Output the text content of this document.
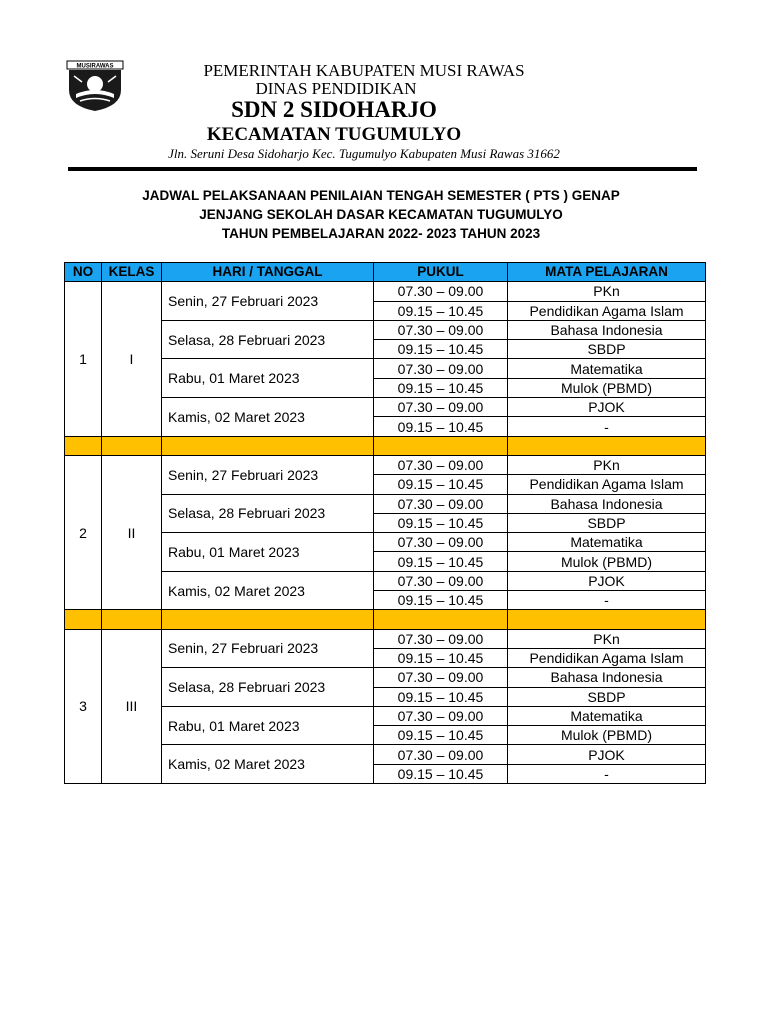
MUSIRAWAS	PEMERINTAH KABUPATEN MUSI RAWAS
DINAS PENDIDIKAN
SDN 2 SIDOHARJO
KECAMATAN TUGUMULYO
Jln. Seruni Desa Sidoharjo Kec. Tugumulyo Kabupaten Musi Rawas 31662
JADWAL PELAKSANAAN PENILAIAN TENGAH SEMESTER ( PTS ) GENAP
JENJANG SEKOLAH DASAR KECAMATAN TUGUMULYO
TAHUN PEMBELAJARAN 2022- 2023 TAHUN 2023
NO	KELAS	HARI / TANGGAL	PUKUL	MATA PELAJARAN
1	I	Senin, 27 Februari 2023	07.30 – 09.00	PKn
			09.15 – 10.45	Pendidikan Agama Islam
		Selasa, 28 Februari 2023	07.30 – 09.00	Bahasa Indonesia
			09.15 – 10.45	SBDP
		Rabu, 01 Maret 2023	07.30 – 09.00	Matematika
			09.15 – 10.45	Mulok (PBMD)
		Kamis, 02 Maret 2023	07.30 – 09.00	PJOK
			09.15 – 10.45	-

2	II	Senin, 27 Februari 2023	07.30 – 09.00	PKn
			09.15 – 10.45	Pendidikan Agama Islam
		Selasa, 28 Februari 2023	07.30 – 09.00	Bahasa Indonesia
			09.15 – 10.45	SBDP
		Rabu, 01 Maret 2023	07.30 – 09.00	Matematika
			09.15 – 10.45	Mulok (PBMD)
		Kamis, 02 Maret 2023	07.30 – 09.00	PJOK
			09.15 – 10.45	-

3	III	Senin, 27 Februari 2023	07.30 – 09.00	PKn
			09.15 – 10.45	Pendidikan Agama Islam
		Selasa, 28 Februari 2023	07.30 – 09.00	Bahasa Indonesia
			09.15 – 10.45	SBDP
		Rabu, 01 Maret 2023	07.30 – 09.00	Matematika
			09.15 – 10.45	Mulok (PBMD)
		Kamis, 02 Maret 2023	07.30 – 09.00	PJOK
			09.15 – 10.45	-
